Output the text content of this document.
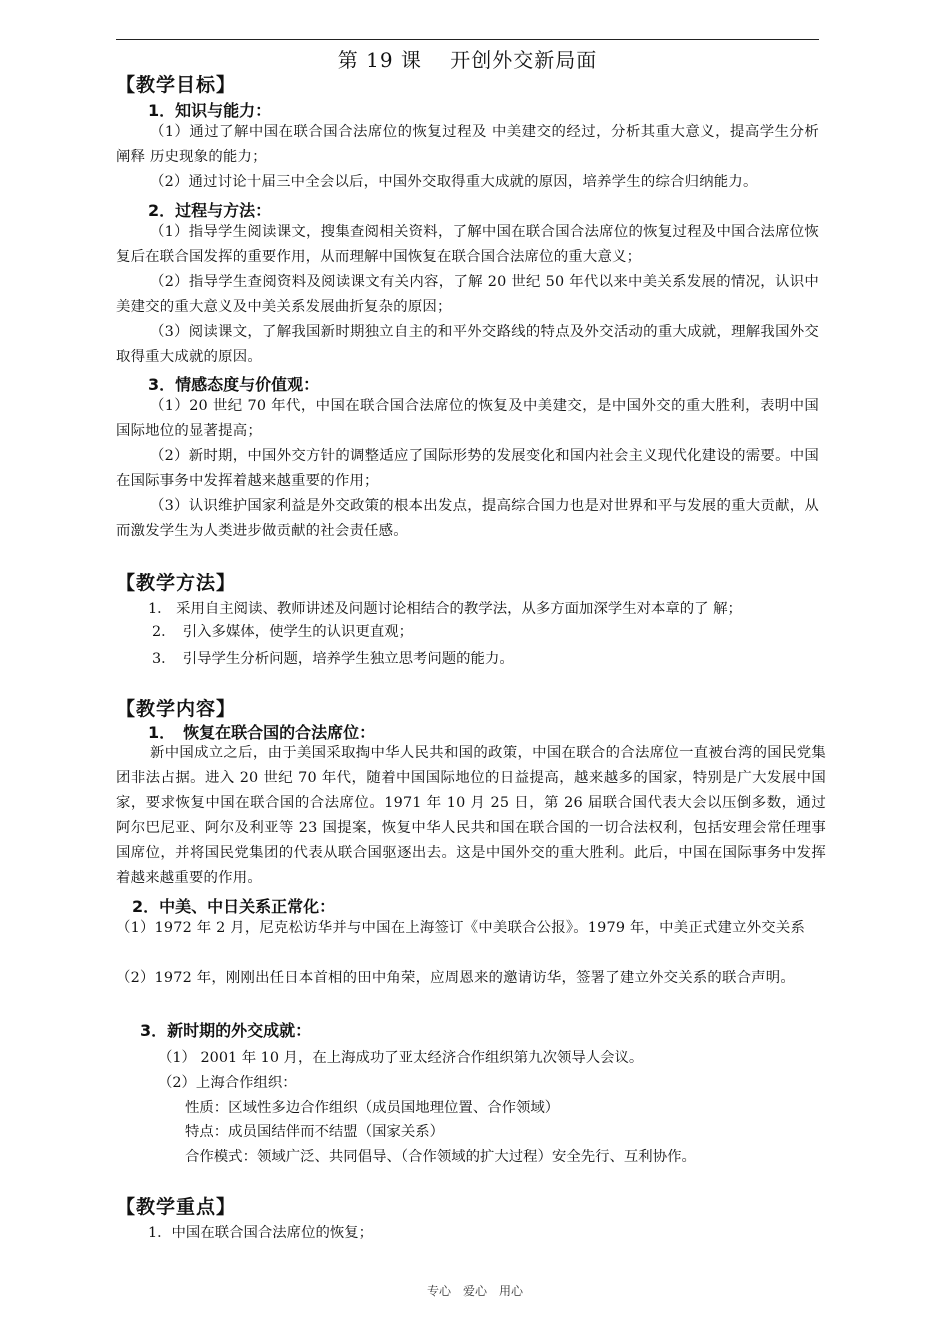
第 19 课　 开创外交新局面
【教学目标】
1．知识与能力：
（1）通过了解中国在联合国合法席位的恢复过程及 中美建交的经过，分析其重大意义，提高学生分析阐释 历史现象的能力；
（2）通过讨论十届三中全会以后，中国外交取得重大成就的原因，培养学生的综合归纳能力。
2．过程与方法：
（1）指导学生阅读课文，搜集查阅相关资料，了解中国在联合国合法席位的恢复过程及中国合法席位恢复后在联合国发挥的重要作用，从而理解中国恢复在联合国合法席位的重大意义；
（2）指导学生查阅资料及阅读课文有关内容，了解 20 世纪 50 年代以来中美关系发展的情况，认识中美建交的重大意义及中美关系发展曲折复杂的原因；
（3）阅读课文，了解我国新时期独立自主的和平外交路线的特点及外交活动的重大成就，理解我国外交取得重大成就的原因。
3．情感态度与价值观：
（1）20 世纪 70 年代，中国在联合国合法席位的恢复及中美建交，是中国外交的重大胜利，表明中国国际地位的显著提高；
（2）新时期，中国外交方针的调整适应了国际形势的发展变化和国内社会主义现代化建设的需要。中国在国际事务中发挥着越来越重要的作用；
（3）认识维护国家利益是外交政策的根本出发点，提高综合国力也是对世界和平与发展的重大贡献，从而激发学生为人类进步做贡献的社会责任感。
【教学方法】
1． 采用自主阅读、教师讲述及问题讨论相结合的教学法，从多方面加深学生对本章的了 解；
2．　引入多媒体，使学生的认识更直观；
3．　引导学生分析问题，培养学生独立思考问题的能力。
【教学内容】
1．　恢复在联合国的合法席位：
新中国成立之后，由于美国采取掏中华人民共和国的政策，中国在联合的合法席位一直被台湾的国民党集团非法占据。进入 20 世纪 70 年代，随着中国国际地位的日益提高，越来越多的国家，特别是广大发展中国家，要求恢复中国在联合国的合法席位。1971 年 10 月 25 日，第 26 届联合国代表大会以压倒多数，通过阿尔巴尼亚、阿尔及利亚等 23 国提案，恢复中华人民共和国在联合国的一切合法权利，包括安理会常任理事国席位，并将国民党集团的代表从联合国驱逐出去。这是中国外交的重大胜利。此后，中国在国际事务中发挥着越来越重要的作用。
2．中美、中日关系正常化：
（1）1972 年 2 月，尼克松访华并与中国在上海签订《中美联合公报》。1979 年，中美正式建立外交关系
（2）1972 年，刚刚出任日本首相的田中角荣，应周恩来的邀请访华，签署了建立外交关系的联合声明。
3．新时期的外交成就：
（1） 2001 年 10 月，在上海成功了亚太经济合作组织第九次领导人会议。
（2）上海合作组织：
性质：区域性多边合作组织（成员国地理位置、合作领域）
特点：成员国结伴而不结盟（国家关系）
合作模式：领域广泛、共同倡导、（合作领域的扩大过程）安全先行、互利协作。
【教学重点】
1．中国在联合国合法席位的恢复；
专心　爱心　用心
